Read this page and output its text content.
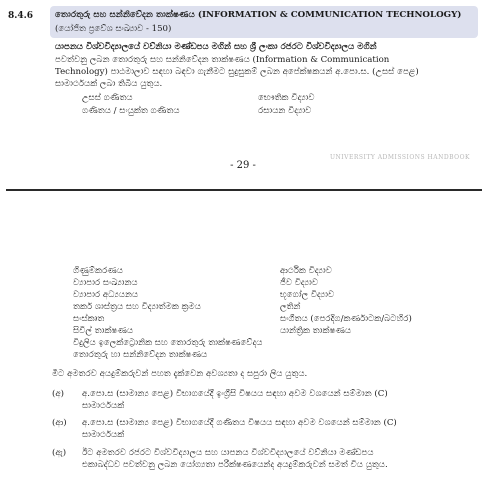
8.4.6	තොරතුරු සහ සන්නිවේදන තාක්ෂණය (INFORMATION & COMMUNICATION TECHNOLOGY)
(යෝජිත ප්‍රවේශ සංඛ්‍යාව - 150)
යාපනය විශ්වවිද්‍යාලයේ වව්නියා මණ්ඩපය මගින් සහ ශ්‍රී ලංකා රජරට විශ්වවිද්‍යාලය මගින්
පවත්වනු ලබන තොරතුරු සහ සන්නිවේදන තාක්ෂණය (Information & Communication
Technology) පාඨමාලාව සඳහා බඳවා ගැනීමට සුදුසුකම් ලබන අපේක්ෂකයන් අ.පො.ස. (උසස් පෙළ)
සාමාර්ථයක් ලබා තිබිය යුතුය.
උසස් ගණිතය	භෞතික විද්‍යාව
ගණිතය / සංයුක්ත ගණිතය	රසායන විද්‍යාව
UNIVERSITY ADMISSIONS HANDBOOK
- 29 -
ගිණුම්කරණය	ආර්ථික විද්‍යාව
ව්‍යාපාර සංඛ්‍යානය	ජීව විද්‍යාව
ව්‍යාපාර අධ්‍යයනය	භූගෝල විද්‍යාව
තර්ක ශාස්ත්‍රය සහ විද්‍යාත්මක ක්‍රමය	ලතින්
සංස්කෘත	සංගීතය (පෙරදිග/කර්ණාටක/බටහිර)
සිවිල් තාක්ෂණය	යාන්ත්‍රික තාක්ෂණය
විදුලිය ඉලෙක්ට්‍රොනික සහ තොරතුරු තාක්ෂණවේදය
තොරතුරු හා සන්නිවේදන තාක්ෂණය
මීට අමතරව අයදුම්කරුවන් පහත දැක්වෙන අවශ්‍යතා ද සපුරා ලිය යුතුය.
(අ) අ.පො.ස (සාමාන්‍ය පෙළ) විභාගයේදී ඉංග්‍රීසි විෂයය සඳහා අවම වශයෙන් සම්මාන (C)
සාමාර්ථයක්
(ආ) අ.පො.ස (සාමාන්‍ය පෙළ) විභාගයේදී ගණිතය විෂයය සඳහා අවම වශයෙන් සම්මාන (C)
සාමාර්ථයක්
(ඇ) ඊට අමතරව රජරට විශ්වවිද්‍යාලය සහ යාපනය විශ්වවිද්‍යාලයේ වව්නියා මණ්ඩපය
එකාබද්ධව පවත්වනු ලබන යෝග්‍යතා පරීක්ෂණයෙන්ද අයදුම්කරුවන් සමත් විය යුතුය.
